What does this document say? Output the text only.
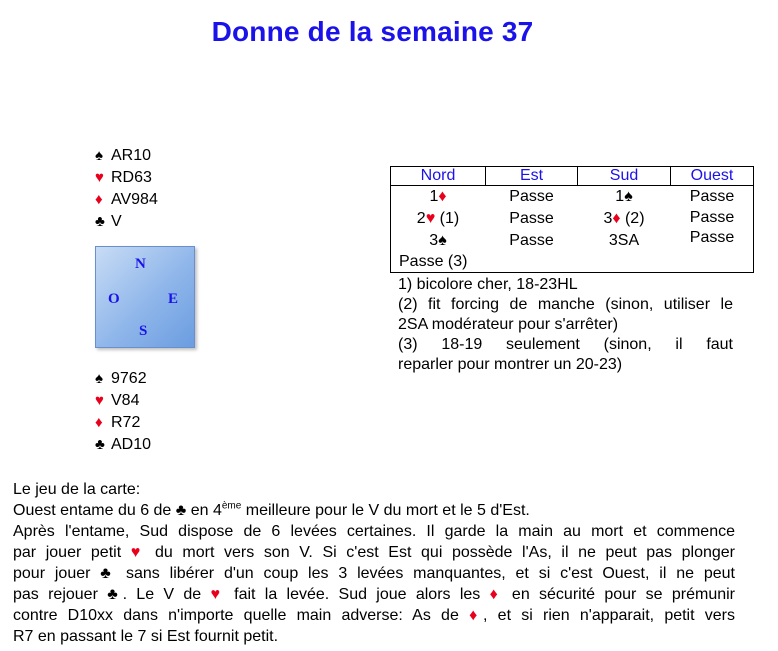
Donne de la semaine 37
♠ AR10
♥ RD63
♦ AV984
♣ V
N
O	E
S
♠ 9762
♥ V84
♦ R72
♣ AD10
Nord	Est	Sud	Ouest
1♦	Passe	1♠	Passe
2♥ (1)	Passe	3♦ (2)	Passe
3♠	Passe	3SA	Passe
Passe (3)
1) bicolore cher, 18-23HL
(2) fit forcing de manche (sinon, utiliser le
2SA modérateur pour s'arrêter)
(3) 18-19 seulement (sinon, il faut
reparler pour montrer un 20-23)
Le jeu de la carte:
Ouest entame du 6 de ♣ en 4ème meilleure pour le V du mort et le 5 d'Est.
Après l'entame, Sud dispose de 6 levées certaines. Il garde la main au mort et commence
par jouer petit ♥ du mort vers son V. Si c'est Est qui possède l'As, il ne peut pas plonger
pour jouer ♣ sans libérer d'un coup les 3 levées manquantes, et si c'est Ouest, il ne peut
pas rejouer ♣. Le V de ♥ fait la levée. Sud joue alors les ♦ en sécurité pour se prémunir
contre D10xx dans n'importe quelle main adverse: As de ♦, et si rien n'apparait, petit vers
R7 en passant le 7 si Est fournit petit.
